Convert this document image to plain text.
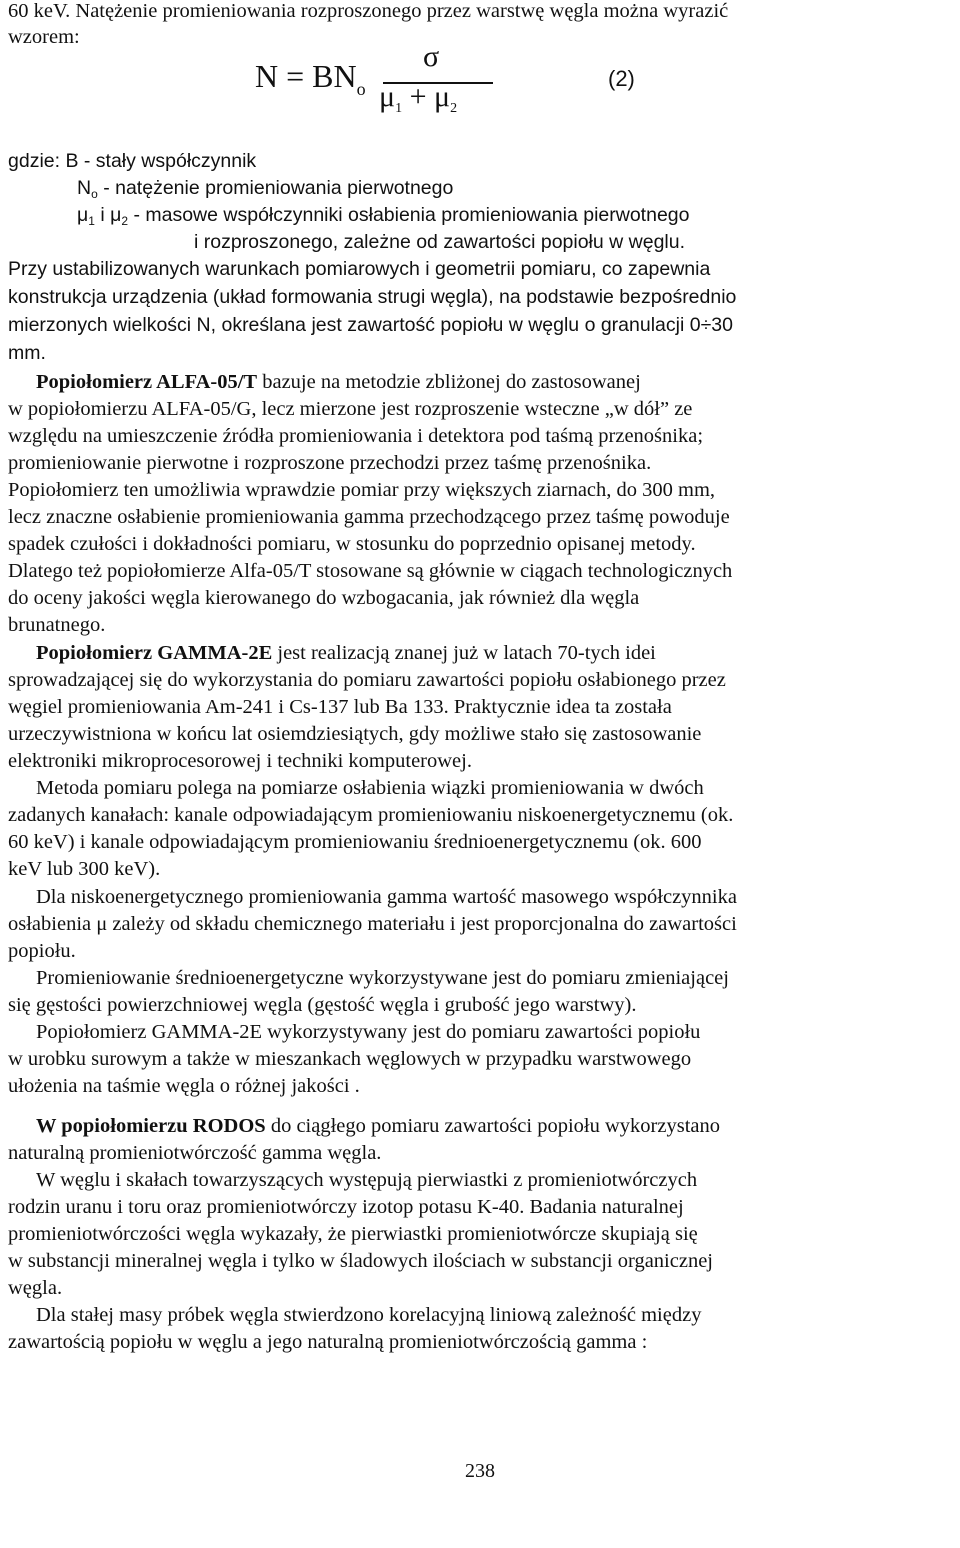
60 keV. Natężenie promieniowania rozproszonego przez warstwę węgla można wyrazić
wzorem:
$N = BN_o$
σ
$\mu_1 + \mu_2$
(2)
gdzie: B - stały współczynnik
$N_o$ - natężenie promieniowania pierwotnego
$\mu_1$ i $\mu_2$ - masowe współczynniki osłabienia promieniowania pierwotnego
i rozproszonego, zależne od zawartości popiołu w węglu.
Przy ustabilizowanych warunkach pomiarowych i geometrii pomiaru, co zapewnia
konstrukcja urządzenia (układ formowania strugi węgla), na podstawie bezpośrednio
mierzonych wielkości N, określana jest zawartość popiołu w węglu o granulacji 0÷30
mm.
Popiołomierz ALFA-05/T bazuje na metodzie zbliżonej do zastosowanej
w popiołomierzu ALFA-05/G, lecz mierzone jest rozproszenie wsteczne „w dół” ze
względu na umieszczenie źródła promieniowania i detektora pod taśmą przenośnika;
promieniowanie pierwotne i rozproszone przechodzi przez taśmę przenośnika.
Popiołomierz ten umożliwia wprawdzie pomiar przy większych ziarnach, do 300 mm,
lecz znaczne osłabienie promieniowania gamma przechodzącego przez taśmę powoduje
spadek czułości i dokładności pomiaru, w stosunku do poprzednio opisanej metody.
Dlatego też popiołomierze Alfa-05/T stosowane są głównie w ciągach technologicznych
do oceny jakości węgla kierowanego do wzbogacania, jak również dla węgla
brunatnego.
Popiołomierz GAMMA-2E jest realizacją znanej już w latach 70-tych idei
sprowadzającej się do wykorzystania do pomiaru zawartości popiołu osłabionego przez
węgiel promieniowania Am-241 i Cs-137 lub Ba 133. Praktycznie idea ta została
urzeczywistniona w końcu lat osiemdziesiątych, gdy możliwe stało się zastosowanie
elektroniki mikroprocesorowej i techniki komputerowej.
Metoda pomiaru polega na pomiarze osłabienia wiązki promieniowania w dwóch
zadanych kanałach: kanale odpowiadającym promieniowaniu niskoenergetycznemu (ok.
60 keV) i kanale odpowiadającym promieniowaniu średnioenergetycznemu (ok. 600
keV lub 300 keV).
Dla niskoenergetycznego promieniowania gamma wartość masowego współczynnika
osłabienia μ zależy od składu chemicznego materiału i jest proporcjonalna do zawartości
popiołu.
Promieniowanie średnioenergetyczne wykorzystywane jest do pomiaru zmieniającej
się gęstości powierzchniowej węgla (gęstość węgla i grubość jego warstwy).
Popiołomierz GAMMA-2E wykorzystywany jest do pomiaru zawartości popiołu
w urobku surowym a także w mieszankach węglowych w przypadku warstwowego
ułożenia na taśmie węgla o różnej jakości .
W popiołomierzu RODOS do ciągłego pomiaru zawartości popiołu wykorzystano
naturalną promieniotwórczość gamma węgla.
W węglu i skałach towarzyszących występują pierwiastki z promieniotwórczych
rodzin uranu i toru oraz promieniotwórczy izotop potasu K-40. Badania naturalnej
promieniotwórczości węgla wykazały, że pierwiastki promieniotwórcze skupiają się
w substancji mineralnej węgla i tylko w śladowych ilościach w substancji organicznej
węgla.
Dla stałej masy próbek węgla stwierdzono korelacyjną liniową zależność między
zawartością popiołu w węglu a jego naturalną promieniotwórczością gamma :
238
